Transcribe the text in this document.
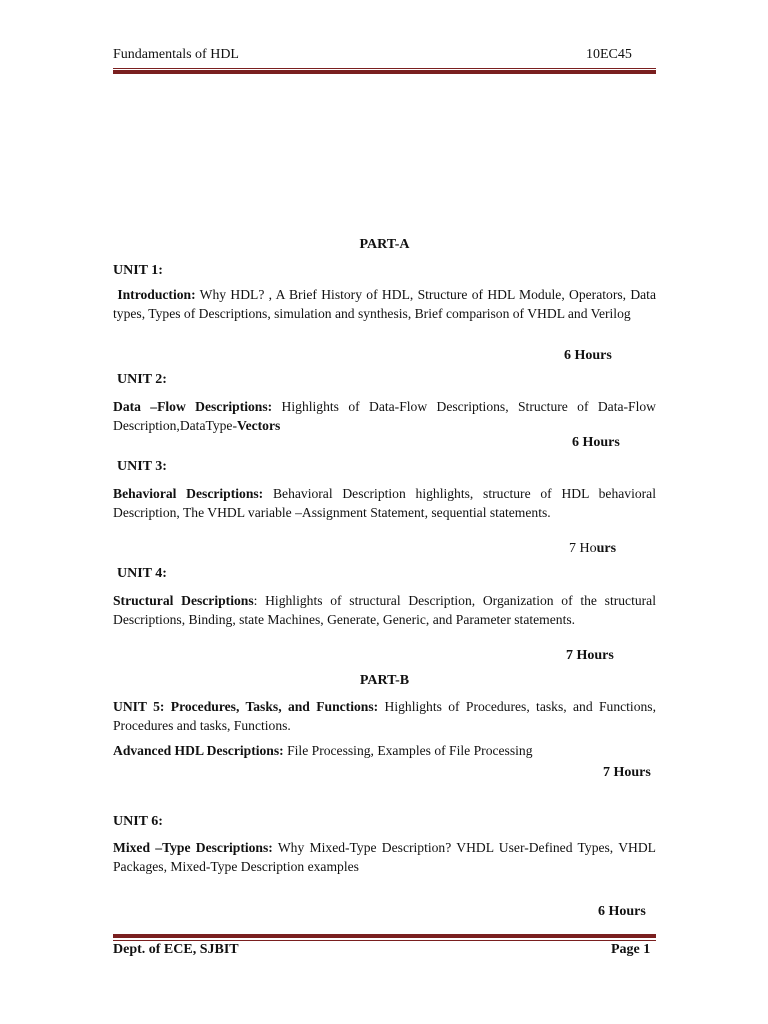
Fundamentals of HDL	10EC45
PART-A
UNIT 1:
Introduction: Why HDL? , A Brief History of HDL, Structure of HDL Module, Operators, Data types, Types of Descriptions, simulation and synthesis, Brief comparison of VHDL and Verilog
6 Hours
UNIT 2:
Data –Flow Descriptions: Highlights of Data-Flow Descriptions, Structure of Data-Flow Description,DataType-Vectors
6 Hours
UNIT 3:
Behavioral Descriptions: Behavioral Description highlights, structure of HDL behavioral Description, The VHDL variable –Assignment Statement, sequential statements.
7 Hours
UNIT 4:
Structural Descriptions: Highlights of structural Description, Organization of the structural Descriptions, Binding, state Machines, Generate, Generic, and Parameter statements.
7 Hours
PART-B
UNIT 5: Procedures, Tasks, and Functions: Highlights of Procedures, tasks, and Functions, Procedures and tasks, Functions.
Advanced HDL Descriptions: File Processing, Examples of File Processing
7 Hours
UNIT 6:
Mixed –Type Descriptions: Why Mixed-Type Description? VHDL User-Defined Types, VHDL Packages, Mixed-Type Description examples
6 Hours
Dept. of ECE, SJBIT	Page 1
